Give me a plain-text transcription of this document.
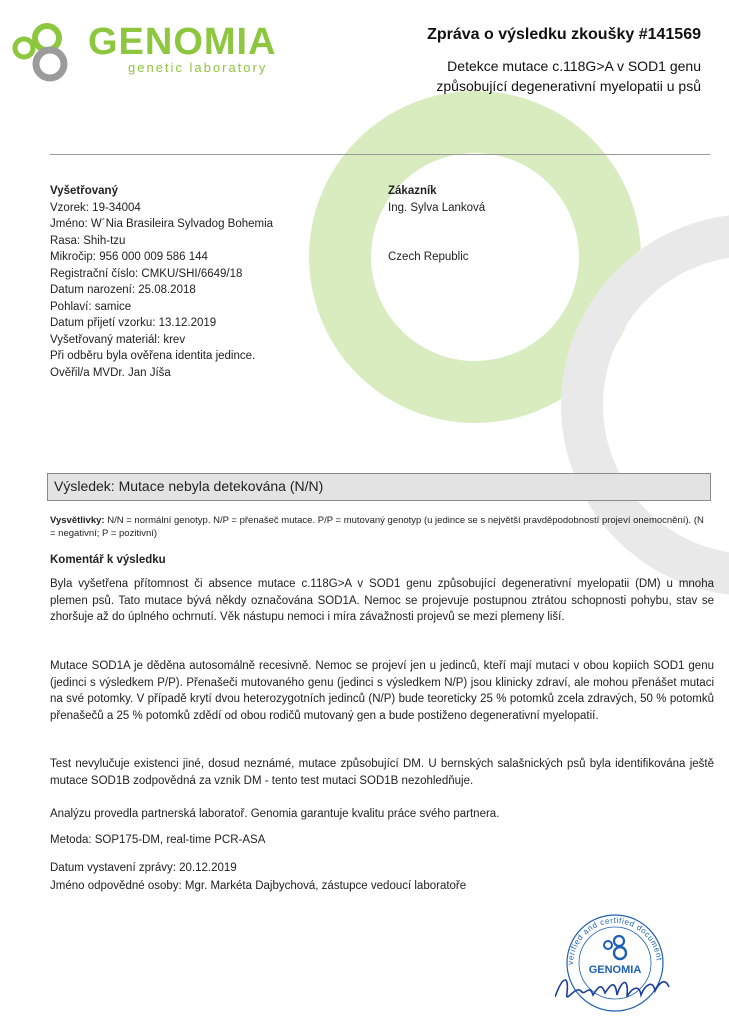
GENOMIA
genetic laboratory
Zpráva o výsledku zkoušky #141569
Detekce mutace c.118G>A v SOD1 genu
způsobující degenerativní myelopatii u psů
Vyšetřovaný
Vzorek: 19-34004
Jméno: W´Nia Brasileira Sylvadog Bohemia
Rasa: Shih-tzu
Mikročip: 956 000 009 586 144
Registrační číslo: CMKU/SHI/6649/18
Datum narození: 25.08.2018
Pohlaví: samice
Datum přijetí vzorku: 13.12.2019
Vyšetřovaný materiál: krev
Při odběru byla ověřena identita jedince.
Ověřil/a MVDr. Jan Jíša
Zákazník
Ing. Sylva Lanková
Czech Republic
Výsledek: Mutace nebyla detekována (N/N)
Vysvětlivky: N/N = normální genotyp. N/P = přenašeč mutace. P/P = mutovaný genotyp (u jedince se s největší pravděpodobností projeví onemocnění). (N = negativní; P = pozitivní)
Komentář k výsledku
Byla vyšetřena přítomnost či absence mutace c.118G>A v SOD1 genu způsobující degenerativní myelopatii (DM) u mnoha plemen psů. Tato mutace bývá někdy označována SOD1A. Nemoc se projevuje postupnou ztrátou schopnosti pohybu, stav se zhoršuje až do úplného ochrnutí. Věk nástupu nemoci i míra závažnosti projevů se mezi plemeny liší.
Mutace SOD1A je děděna autosomálně recesivně. Nemoc se projeví jen u jedinců, kteří mají mutaci v obou kopiích SOD1 genu (jedinci s výsledkem P/P). Přenašeči mutovaného genu (jedinci s výsledkem N/P) jsou klinicky zdraví, ale mohou přenášet mutaci na své potomky. V případě krytí dvou heterozygotních jedinců (N/P) bude teoreticky 25 % potomků zcela zdravých, 50 % potomků přenašečů a 25 % potomků zdědí od obou rodičů mutovaný gen a bude postiženo degenerativní myelopatií.
Test nevylučuje existenci jiné, dosud neznámé, mutace způsobující DM. U bernských salašnických psů byla identifikována ještě mutace SOD1B zodpovědná za vznik DM - tento test mutaci SOD1B nezohledňuje.
Analýzu provedla partnerská laboratoř. Genomia garantuje kvalitu práce svého partnera.
Metoda: SOP175-DM, real-time PCR-ASA
Datum vystavení zprávy: 20.12.2019
Jméno odpovědné osoby: Mgr. Markéta Dajbychová, zástupce vedoucí laboratoře
verified and certified document
GENOMIA
